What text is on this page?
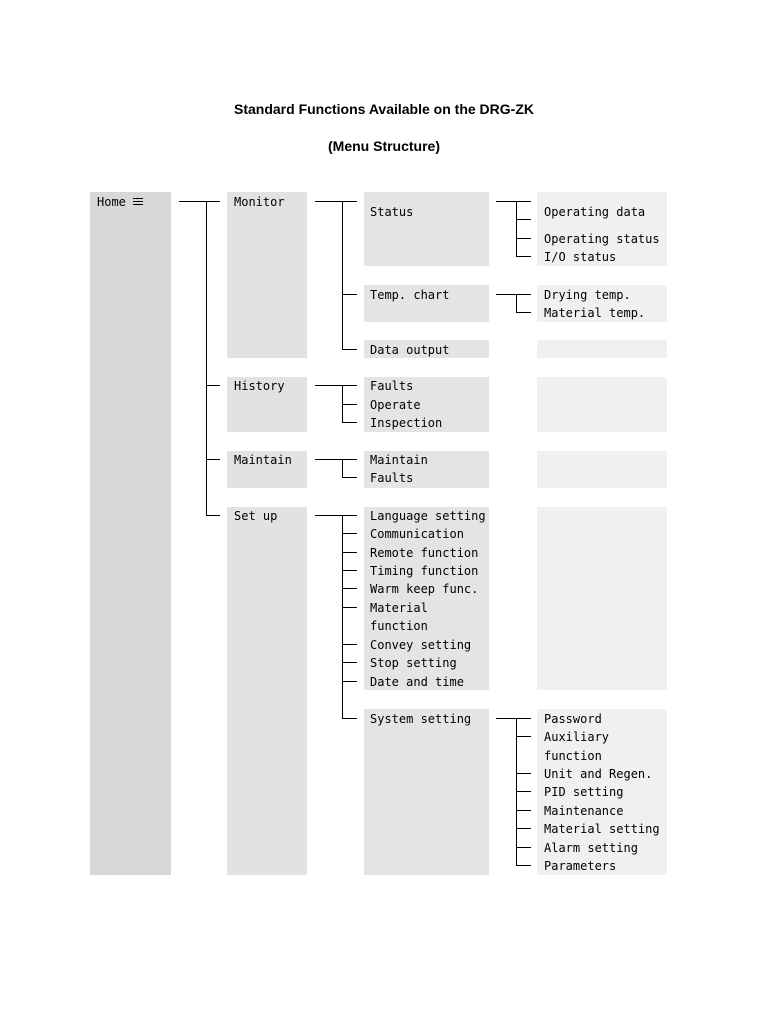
Standard Functions Available on the DRG-ZK
(Menu Structure)
Home	Monitor
History
Maintain
Set up
Status
Temp. chart
Data output
Faults
Operate
Inspection
Maintain
Faults
Language setting
Communication
Remote function
Timing function
Warm keep func.
Material
function
Convey setting
Stop setting
Date and time
System setting
Operating data
Operating status
I/O status
Drying temp.
Material temp.
Password
Auxiliary
function
Unit and Regen.
PID setting
Maintenance
Material setting
Alarm setting
Parameters
